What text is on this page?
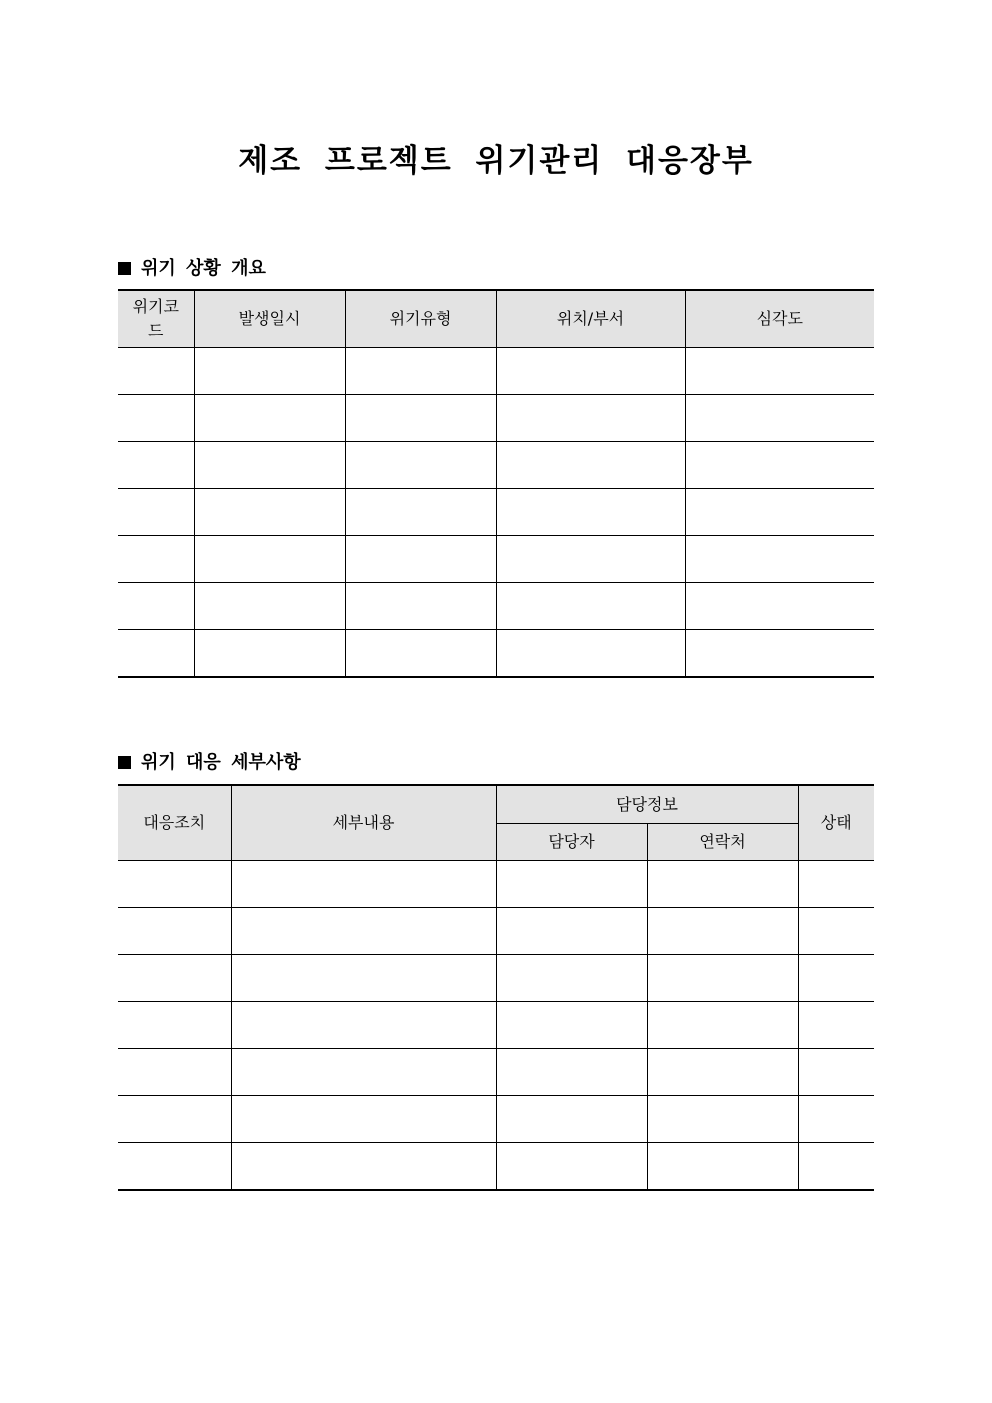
제조 프로젝트 위기관리 대응장부
위기 상황 개요
위기코드	발생일시	위기유형	위치/부서	심각도

위기 대응 세부사항
대응조치	세부내용	담당정보		상태
		담당자	연락처	
